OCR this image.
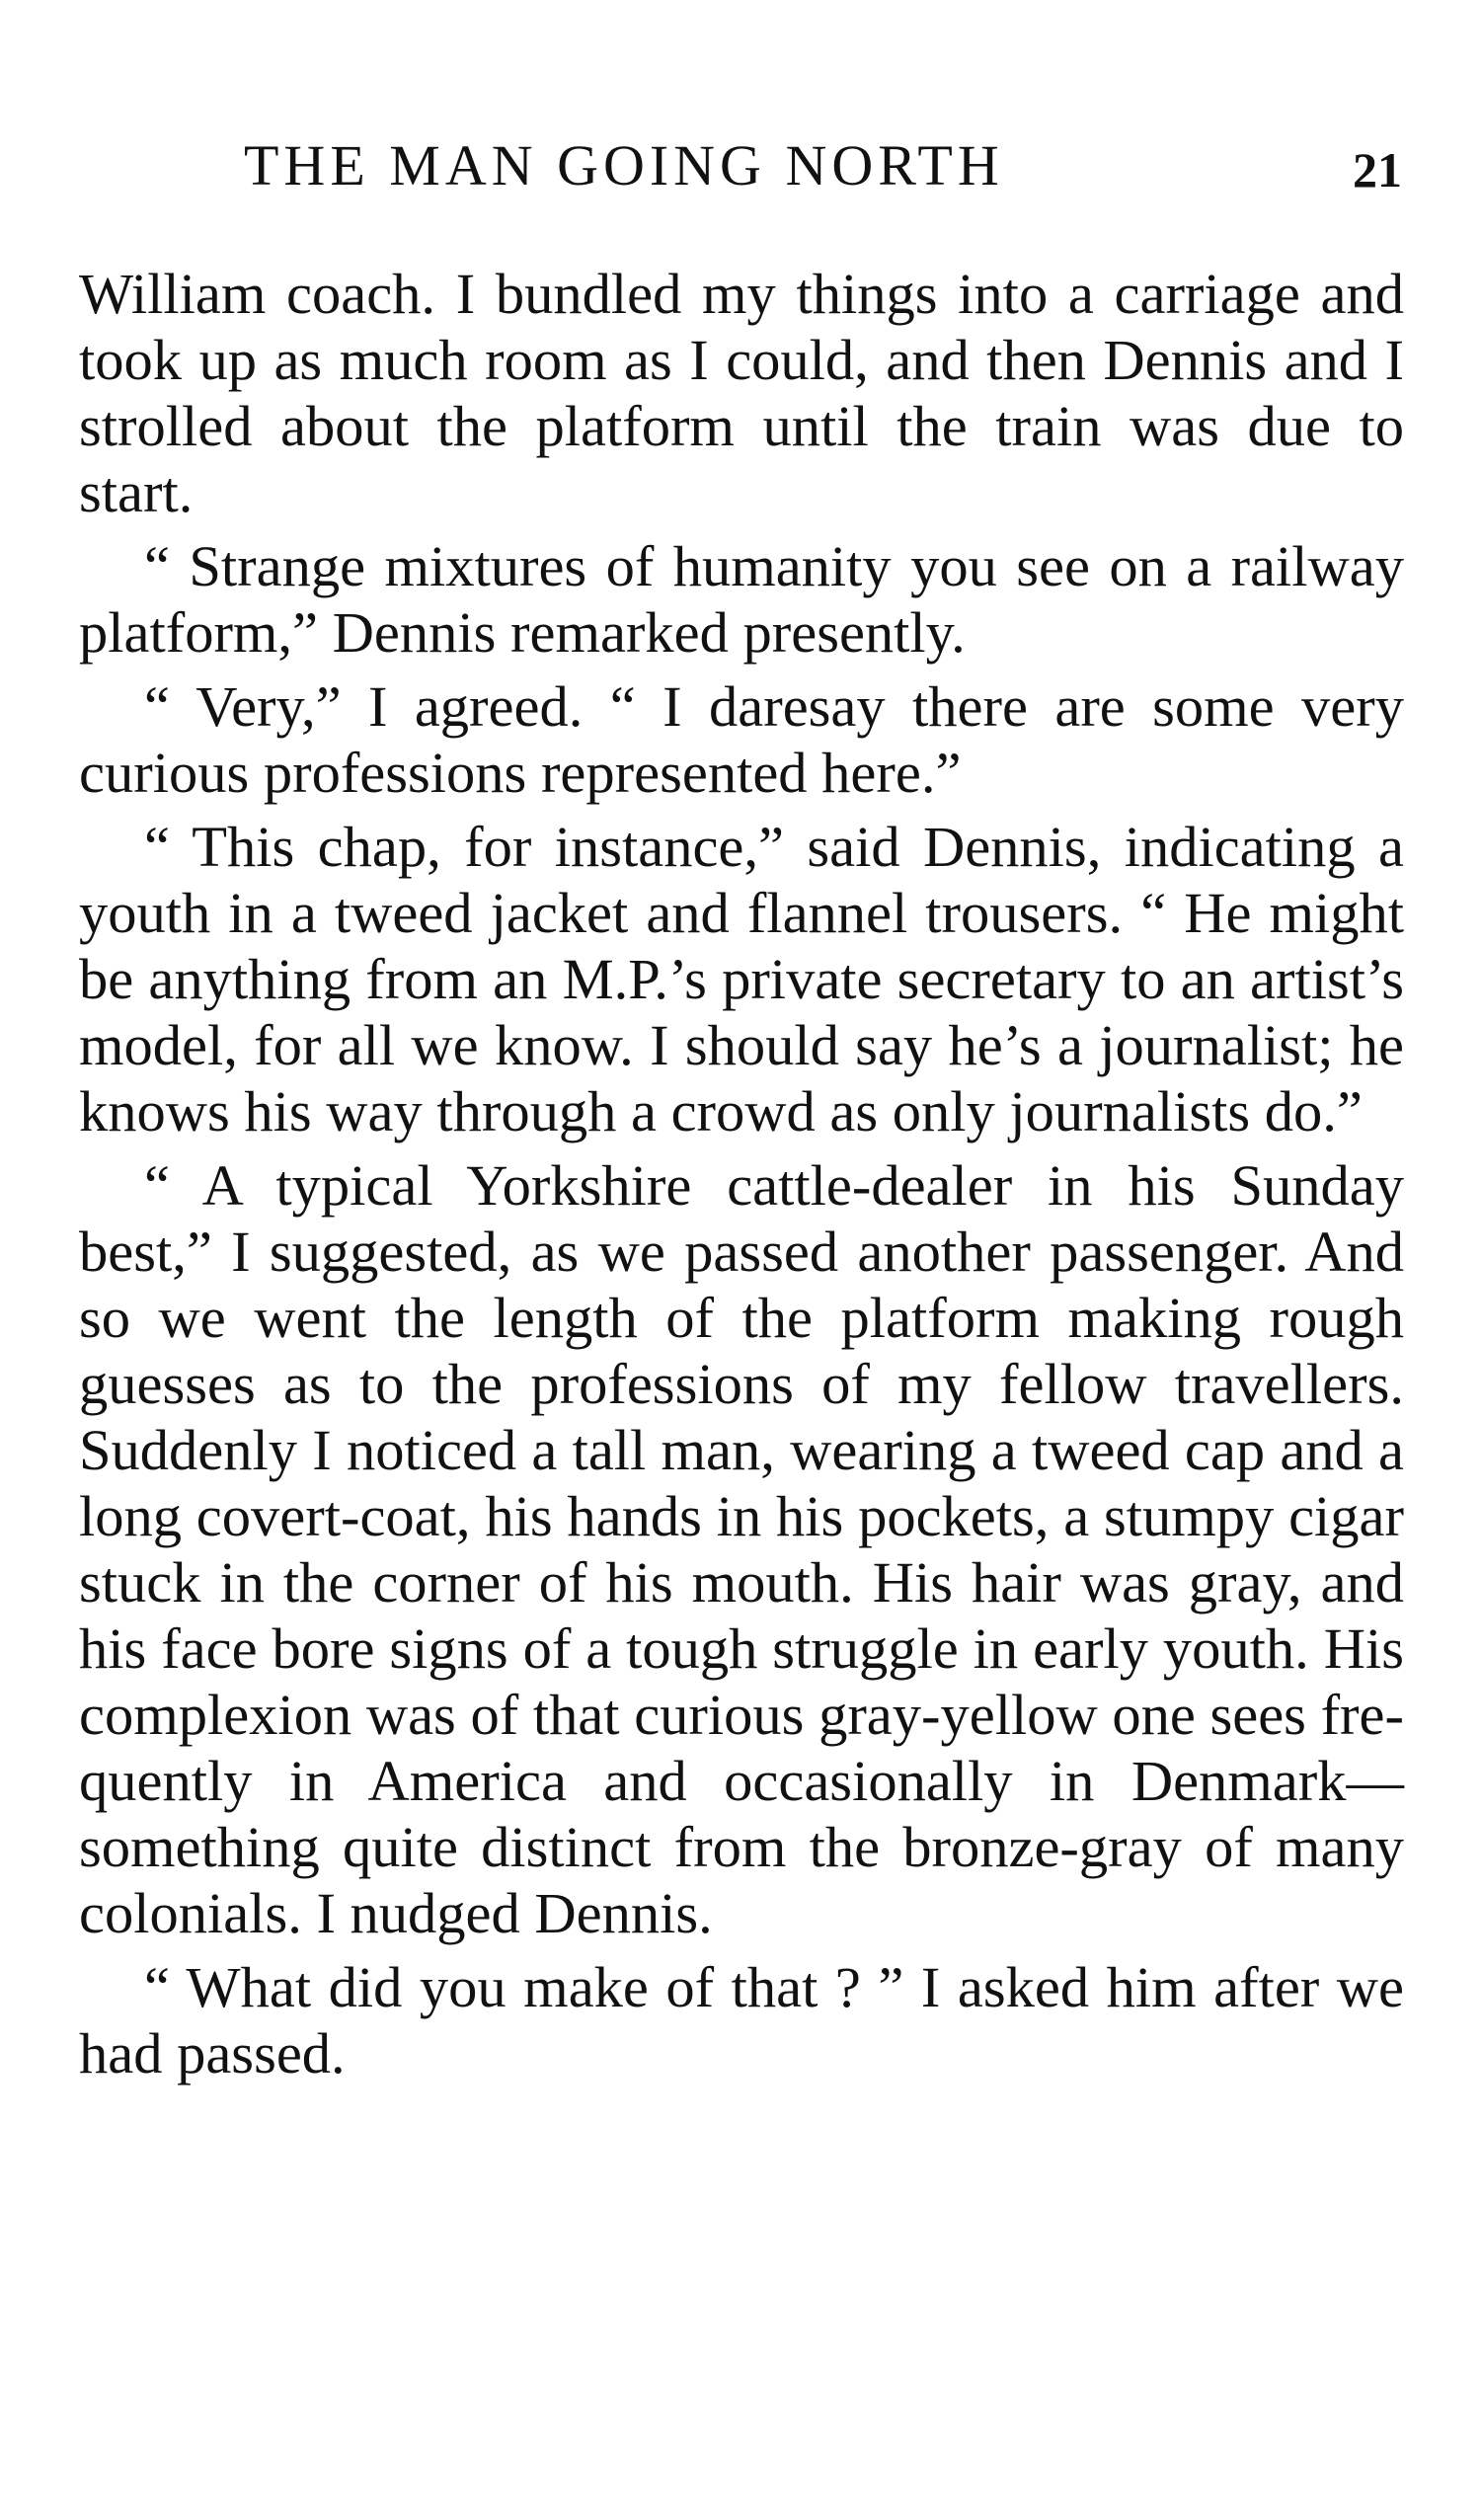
THE MAN GOING NORTH	21

William coach. I bundled my things into a carriage and took up as much room as I could, and then Dennis and I strolled about the platform until the train was due to start.

“ Strange mixtures of humanity you see on a railway platform,” Dennis remarked presently.

“ Very,” I agreed. “ I daresay there are some very curious professions represented here.”

“ This chap, for instance,” said Dennis, indicating a youth in a tweed jacket and flannel trousers. “ He might be anything from an M.P.’s private secretary to an artist’s model, for all we know. I should say he’s a journalist; he knows his way through a crowd as only journalists do.”

“ A typical Yorkshire cattle-dealer in his Sunday best,” I suggested, as we passed another passenger. And so we went the length of the platform making rough guesses as to the professions of my fellow travellers. Suddenly I noticed a tall man, wearing a tweed cap and a long covert-coat, his hands in his pockets, a stumpy cigar stuck in the corner of his mouth. His hair was gray, and his face bore signs of a tough struggle in early youth. His complexion was of that curious gray-yellow one sees frequently in America and occasionally in Denmark—something quite distinct from the bronze-gray of many colonials. I nudged Dennis.

“ What did you make of that ? ” I asked him after we had passed.
